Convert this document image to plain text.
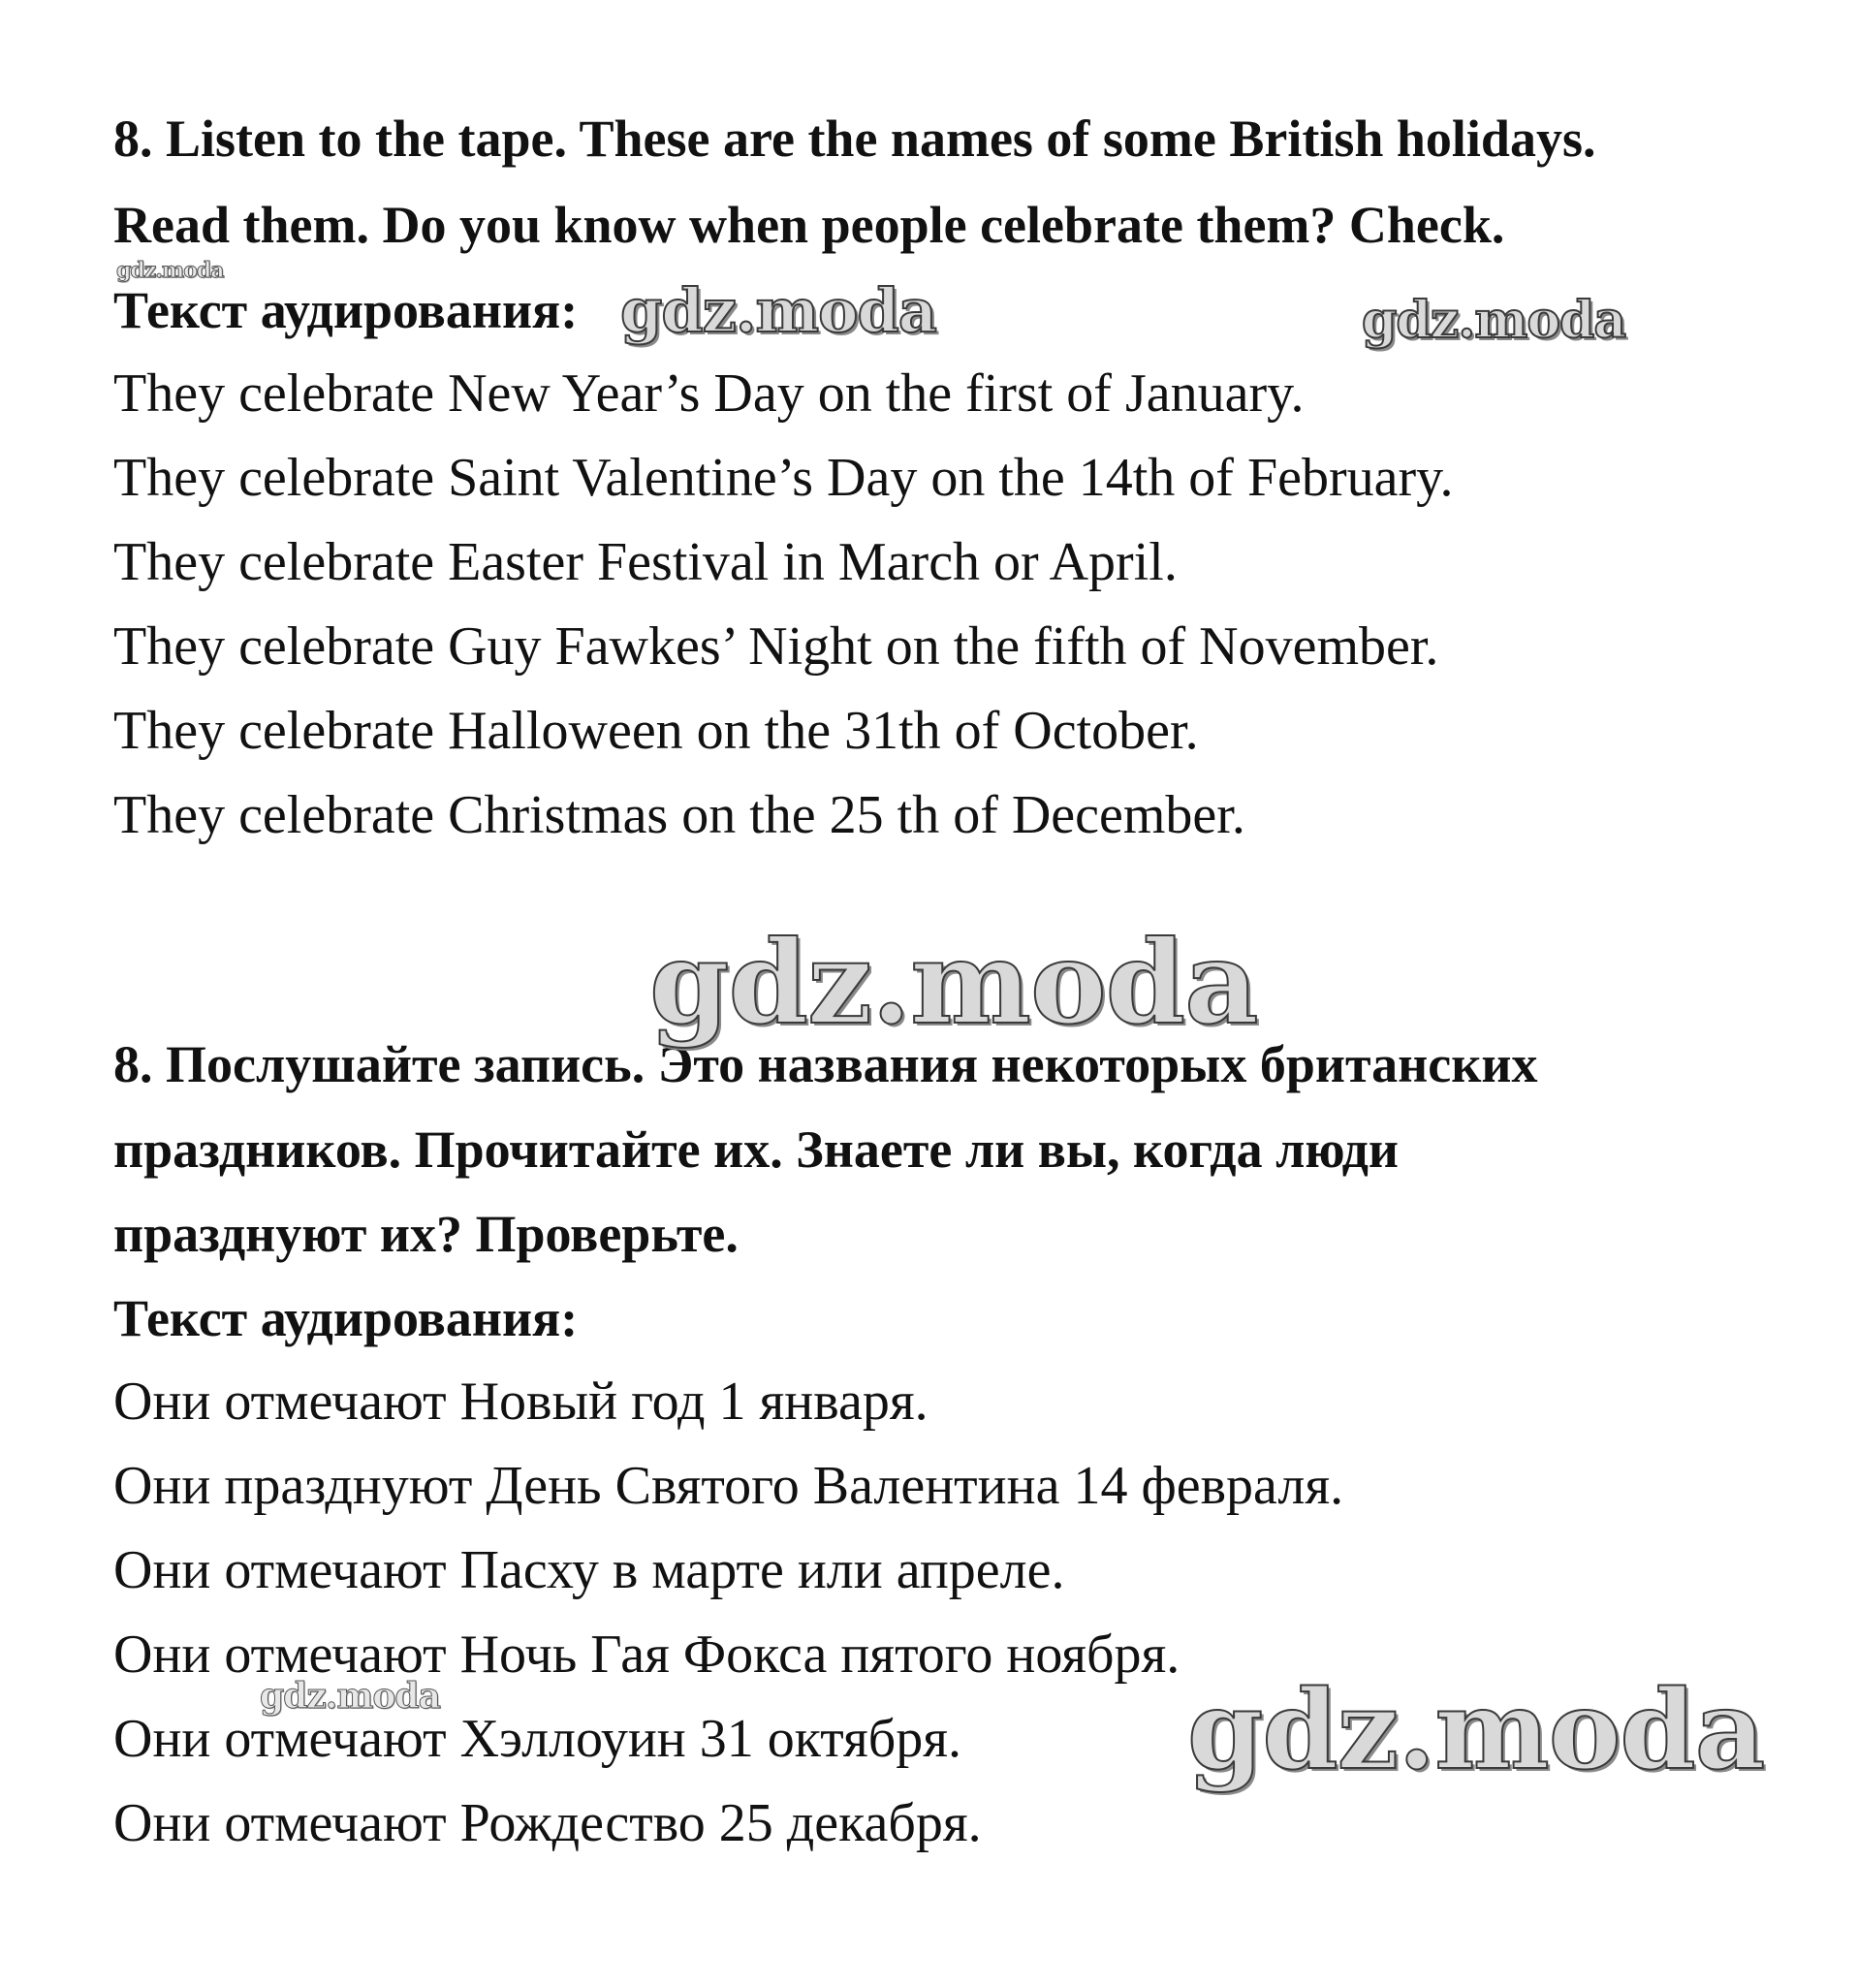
8. Listen to the tape. These are the names of some British holidays.
Read them. Do you know when people celebrate them? Check.
Текст аудирования:
They celebrate New Year’s Day on the first of January.
They celebrate Saint Valentine’s Day on the 14th of February.
They celebrate Easter Festival in March or April.
They celebrate Guy Fawkes’ Night on the fifth of November.
They celebrate Halloween on the 31th of October.
They celebrate Christmas on the 25 th of December.
8. Послушайте запись. Это названия некоторых британских
праздников. Прочитайте их. Знаете ли вы, когда люди
празднуют их? Проверьте.
Текст аудирования:
Они отмечают Новый год 1 января.
Они празднуют День Святого Валентина 14 февраля.
Они отмечают Пасху в марте или апреле.
Они отмечают Ночь Гая Фокса пятого ноября.
Они отмечают Хэллоуин 31 октября.
Они отмечают Рождество 25 декабря.
gdz.moda
gdz.moda	gdz.moda
gdz.moda
gdz.moda	gdz.moda
